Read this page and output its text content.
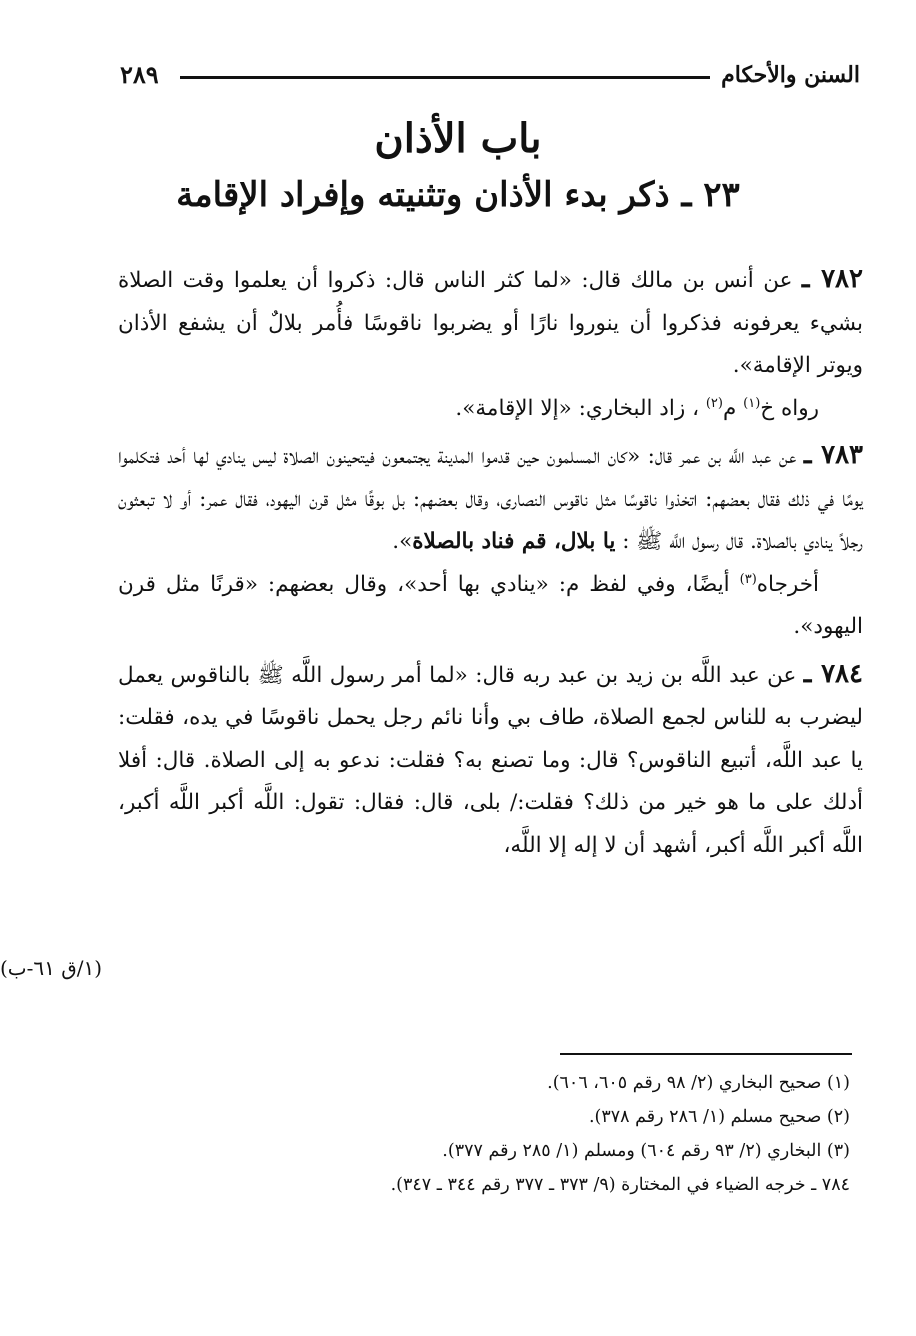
السنن والأحكام
٢٨٩
باب الأذان
٢٣ ـ ذكر بدء الأذان وتثنيته وإفراد الإقامة

٧٨٢ ـ عن أنس بن مالك قال: «لما كثر الناس قال: ذكروا أن يعلموا وقت الصلاة بشيء يعرفونه فذكروا أن ينوروا نارًا أو يضربوا ناقوسًا فأُمر بلالٌ أن يشفع الأذان ويوتر الإقامة».

رواه خ$^{(١)}$ م$^{(٢)}$ ، زاد البخاري: «إلا الإقامة».

٧٨٣ ـ عن عبد اللَّه بن عمر قال: «كان المسلمون حين قدموا المدينة يجتمعون فيتحينون الصلاة ليس ينادي لها أحد فتكلموا يومًا في ذلك فقال بعضهم: اتخذوا ناقوسًا مثل ناقوس النصارى، وقال بعضهم: بل بوقًا مثل قرن اليهود، فقال عمر: أو لا تبعثون رجلاً ينادي بالصلاة. قال رسول اللَّه ﷺ : يا بلال، قم فناد بالصلاة».

أخرجاه$^{(٣)}$ أيضًا، وفي لفظ م: «ينادي بها أحد»، وقال بعضهم: «قرنًا مثل قرن اليهود».

٧٨٤ ـ عن عبد اللَّه بن زيد بن عبد ربه قال: «لما أمر رسول اللَّه ﷺ بالناقوس يعمل ليضرب به للناس لجمع الصلاة، طاف بي وأنا نائم رجل يحمل ناقوسًا في يده، فقلت: يا عبد اللَّه، أتبيع الناقوس؟ قال: وما تصنع به؟ فقلت: ندعو به إلى الصلاة. قال: أفلا أدلك على ما هو خير من ذلك؟ فقلت:/ بلى، قال: فقال: تقول: اللَّه أكبر اللَّه أكبر، اللَّه أكبر اللَّه أكبر، أشهد أن لا إله إلا اللَّه،

(١/ق ٦١-ب)
(١) صحيح البخاري (٢/ ٩٨ رقم ٦٠٥، ٦٠٦).
(٢) صحيح مسلم (١/ ٢٨٦ رقم ٣٧٨).
(٣) البخاري (٢/ ٩٣ رقم ٦٠٤) ومسلم (١/ ٢٨٥ رقم ٣٧٧).
٧٨٤ ـ خرجه الضياء في المختارة (٩/ ٣٧٣ ـ ٣٧٧ رقم ٣٤٤ ـ ٣٤٧).
